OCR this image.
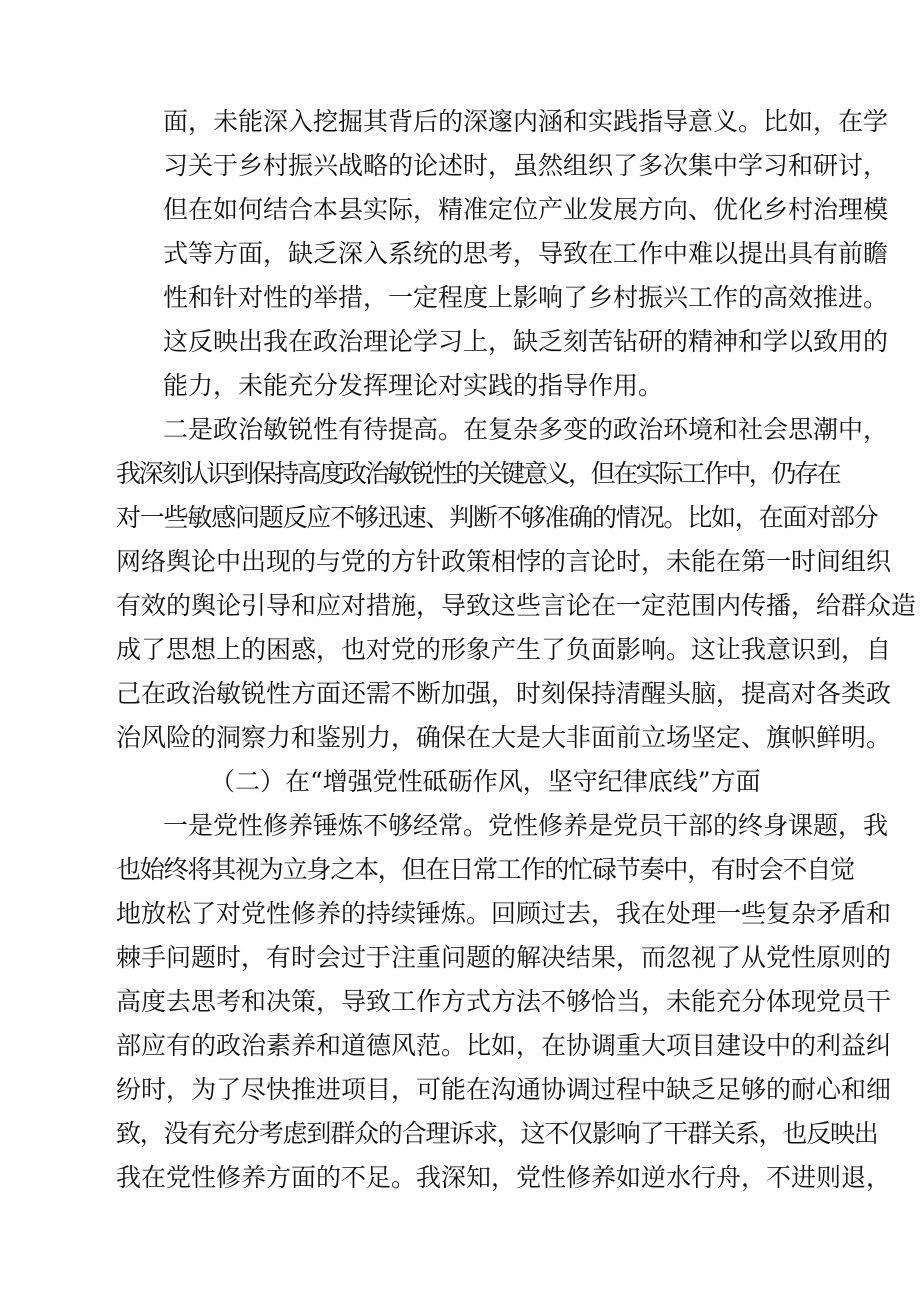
面，未能深入挖掘其背后的深邃内涵和实践指导意义。比如，在学
习关于乡村振兴战略的论述时，虽然组织了多次集中学习和研讨，
但在如何结合本县实际，精准定位产业发展方向、优化乡村治理模
式等方面，缺乏深入系统的思考，导致在工作中难以提出具有前瞻
性和针对性的举措，一定程度上影响了乡村振兴工作的高效推进。
这反映出我在政治理论学习上，缺乏刻苦钻研的精神和学以致用的
能力，未能充分发挥理论对实践的指导作用。
二是政治敏锐性有待提高。在复杂多变的政治环境和社会思潮中，
我深刻认识到保持高度政治敏锐性的关键意义，但在实际工作中，仍存在
对一些敏感问题反应不够迅速、判断不够准确的情况。比如，在面对部分
网络舆论中出现的与党的方针政策相悖的言论时，未能在第一时间组织
有效的舆论引导和应对措施，导致这些言论在一定范围内传播，给群众造
成了思想上的困惑，也对党的形象产生了负面影响。这让我意识到，自
己在政治敏锐性方面还需不断加强，时刻保持清醒头脑，提高对各类政
治风险的洞察力和鉴别力，确保在大是大非面前立场坚定、旗帜鲜明。
（二）在“增强党性砥砺作风，坚守纪律底线”方面
一是党性修养锤炼不够经常。党性修养是党员干部的终身课题，我
也始终将其视为立身之本，但在日常工作的忙碌节奏中，有时会不自觉
地放松了对党性修养的持续锤炼。回顾过去，我在处理一些复杂矛盾和
棘手问题时，有时会过于注重问题的解决结果，而忽视了从党性原则的
高度去思考和决策，导致工作方式方法不够恰当，未能充分体现党员干
部应有的政治素养和道德风范。比如，在协调重大项目建设中的利益纠
纷时，为了尽快推进项目，可能在沟通协调过程中缺乏足够的耐心和细
致，没有充分考虑到群众的合理诉求，这不仅影响了干群关系，也反映出
我在党性修养方面的不足。我深知，党性修养如逆水行舟，不进则退，
